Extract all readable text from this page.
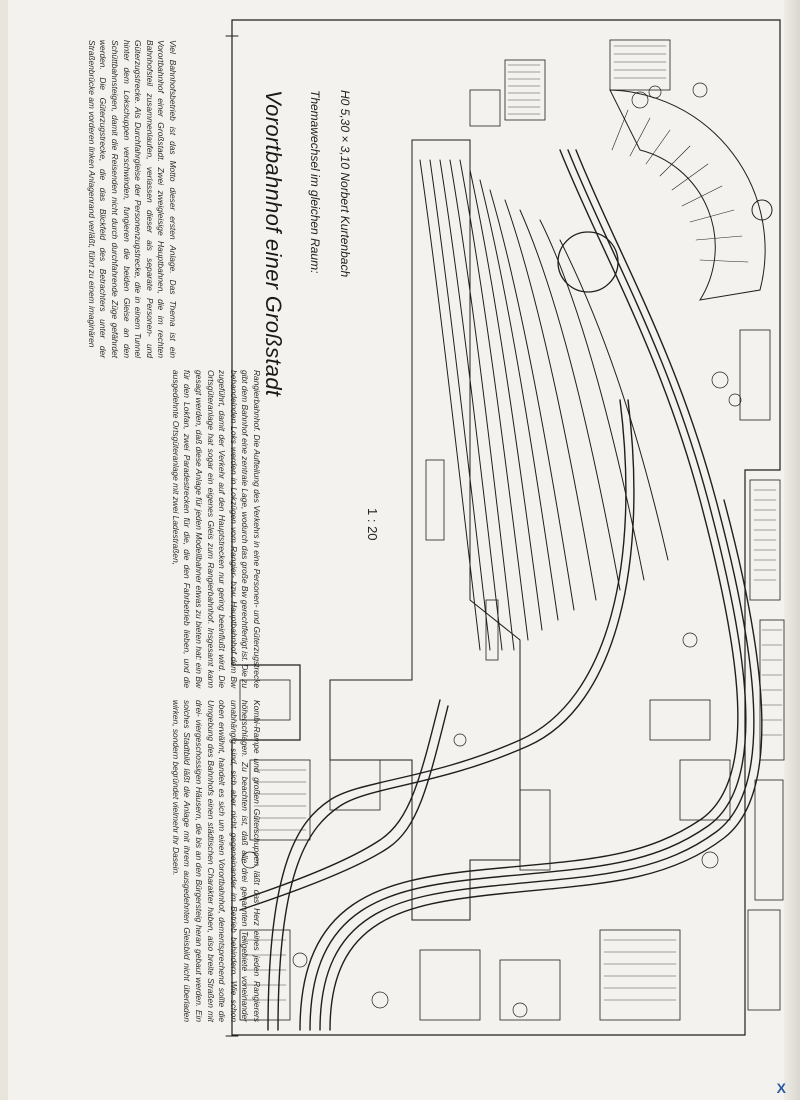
Vorortbahnhof einer Großstadt Themawechsel im gleichen Raum: H0 5,30 × 3,10 Norbert Kurtenbach
1 : 20
Viel Bahnhofsbetrieb ist das Motto dieser ersten Anlage. Das Thema ist ein Vorortbahnhof einer Großstadt. Zwei zweigleisige Hauptbahnen, die im rechten Bahnhofsteil zusammenlaufen, verlassen dieser als separate Personen- und Güterzugstrecke. Als Durchfahrgleise der Personenzugstrecke, die in einem Tunnel hinter dem Lokschuppen verschwinden, fungieren die beiden Gleise an den Schüttbahnsteigen, damit die Reisenden nicht durch durchfahrende Züge gefährdet werden. Die Güterzugstrecke, die das Blickfeld des Betrachters unter der Straßenbrücke am vorderen linken Anlagenrand verläßt, führt zu einem imaginären
Rangierbahnhof. Die Aufteilung des Verkehrs in eine Personen- und Güterzugstrecke gibt dem Bahnhof eine zentrale Lage, wodurch das große Bw gerechtfertigt ist. Die zu behandelnden Loks werden in Lokzügen vom Rangier- bzw. Hauptbahnhof dem Bw zugeführt, damit der Verkehr auf den Hauptstrecken nur gering beeinflußt wird. Die Ortsgüteranlage hat sogar ein eigenes Gleis zum Rangierbahnhof. Insgesamt kann gesagt werden, daß diese Anlage für jeden Modellbahner etwas zu bieten hat: ein Bw für den Lokfan, zwei Paradestrecken für die, die den Fahrbetrieb lieben, und die ausgedehnte Ortsgüteranlage mit zwei Ladestraßen,
Kombi-Rampe und großen Güterschuppen läßt das Herz eines jeden Rangierers höherschlagen. Zu beachten ist, daß alle drei genannten Teilgebiete voneinander unabhängig sind, sich aber nicht gegeneinander im Betrieb behindern. Wie schon oben erwähnt, handelt es sich um einen Vorortbahnhof, dementsprechend sollte die Umgebung des Bahnhofs einen städtischen Charakter haben, also breite Straßen mit drei- viergeschossigen Häusern, die bis an den Bürgersteig heran gebaut werden. Ein solches Stadtbild läßt die Anlage mit ihrem ausgedehnten Gleisbild nicht überladen wirken, sondern begründet vielmehr ihr Dasein.
X
